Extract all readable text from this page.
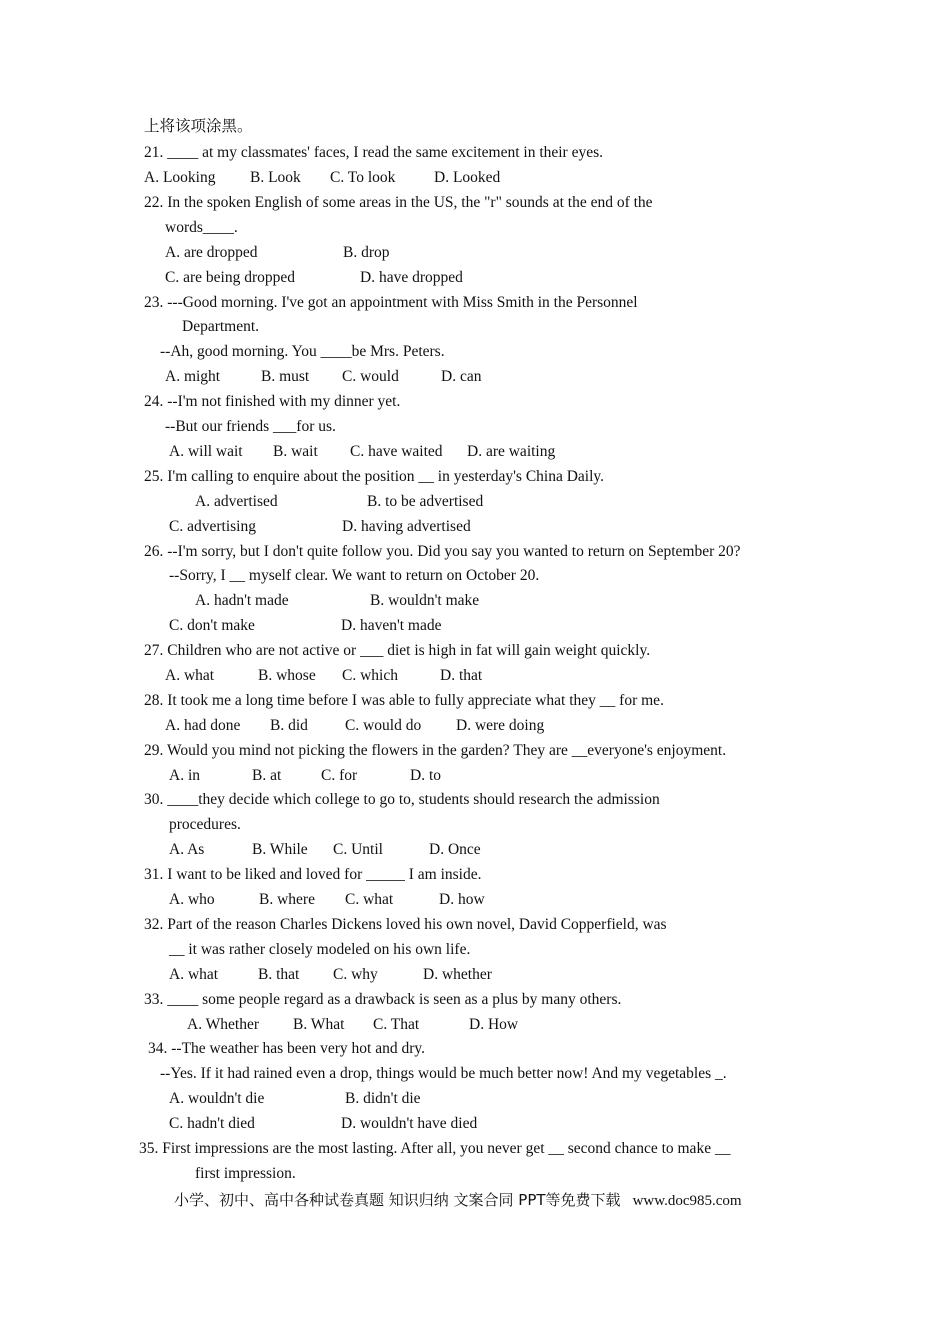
上将该项涂黑。
21. ____ at my classmates' faces, I read the same excitement in their eyes.
A. Looking B. Look C. To look D. Looked
22. In the spoken English of some areas in the US, the "r" sounds at the end of the
words____.
A. are dropped	B. drop
C. are being dropped	D. have dropped
23. ---Good morning. I've got an appointment with Miss Smith in the Personnel
Department.
--Ah, good morning. You ____be Mrs. Peters.
A. might	B. must C. would	D. can
24. --I'm not finished with my dinner yet.
--But our friends ___for us.
A. will wait B. wait C. have waited D. are waiting
25. I'm calling to enquire about the position __ in yesterday's China Daily.
A. advertised	B. to be advertised
C. advertising	D. having advertised
26. --I'm sorry, but I don't quite follow you. Did you say you wanted to return on September 20?
--Sorry, I __ myself clear. We want to return on October 20.
A. hadn't made	B. wouldn't make
C. don't make	D. haven't made
27. Children who are not active or ___ diet is high in fat will gain weight quickly.
A. what	B. whose C. which	D. that
28. It took me a long time before I was able to fully appreciate what they __ for me.
A. had done B. did C. would do D. were doing
29. Would you mind not picking the flowers in the garden? They are __everyone's enjoyment.
A. in	B. at	C. for	D. to
30. ____they decide which college to go to, students should research the admission
procedures.
A. As	B. While C. Until	D. Once
31. I want to be liked and loved for _____ I am inside.
A. who	B. where C. what	D. how
32. Part of the reason Charles Dickens loved his own novel, David Copperfield, was
__ it was rather closely modeled on his own life.
A. what	B. that C. why	D. whether
33. ____ some people regard as a drawback is seen as a plus by many others.
A. Whether B. What C. That	D. How
34. --The weather has been very hot and dry.
--Yes. If it had rained even a drop, things would be much better now! And my vegetables _.
A. wouldn't die	B. didn't die
C. hadn't died	D. wouldn't have died
35. First impressions are the most lasting. After all, you never get __ second chance to make __
first impression.
小学、初中、高中各种试卷真题 知识归纳 文案合同 PPT等免费下载 www.doc985.com
